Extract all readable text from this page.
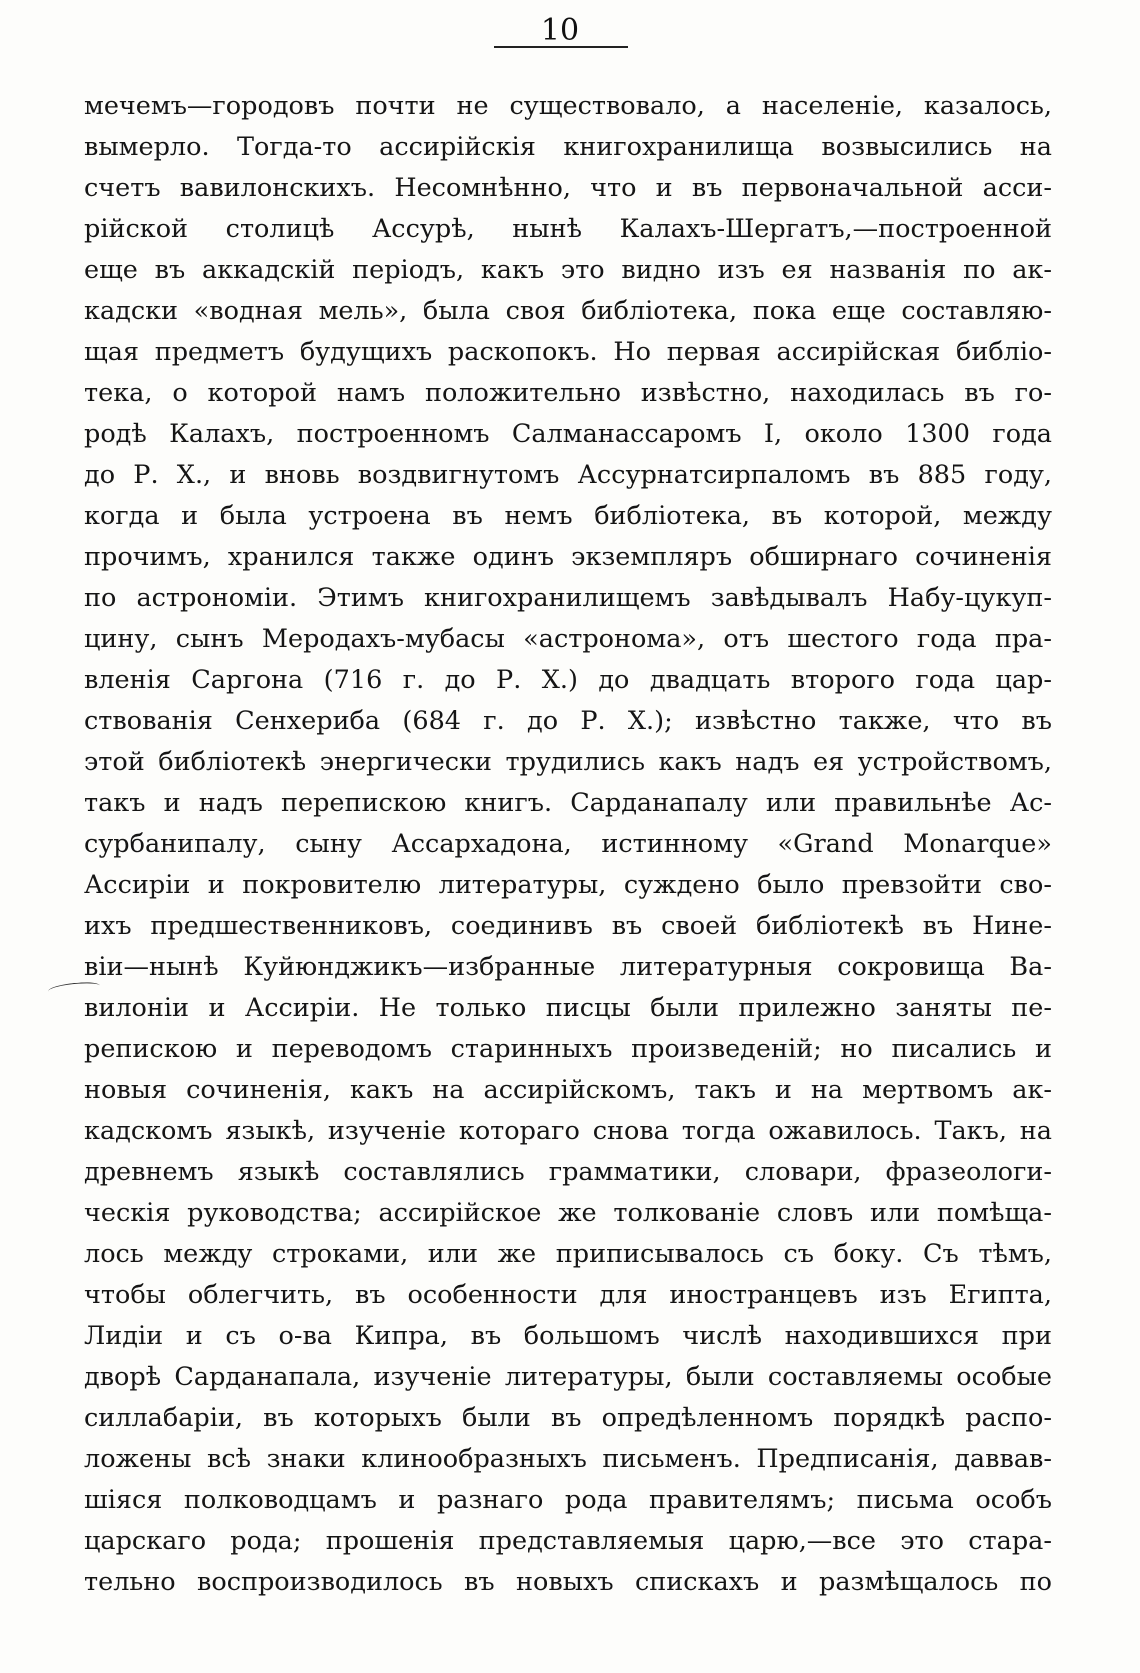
10
мечемъ—городовъ почти не существовало, а населеніе, казалось,
вымерло. Тогда-то ассирійскія книгохранилища возвысились на
счетъ вавилонскихъ. Несомнѣнно, что и въ первоначальной асси-
рійской столицѣ Ассурѣ, нынѣ Калахъ-Шергатъ,—построенной
еще въ аккадскій періодъ, какъ это видно изъ ея названія по ак-
кадски «водная мель», была своя библіотека, пока еще составляю-
щая предметъ будущихъ раскопокъ. Но первая ассирійская библіо-
тека, о которой намъ положительно извѣстно, находилась въ го-
родѣ Калахъ, построенномъ Салманассаромъ I, около 1300 года
до Р. Х., и вновь воздвигнутомъ Ассурнатсирпаломъ въ 885 году,
когда и была устроена въ немъ библіотека, въ которой, между
прочимъ, хранился также одинъ экземпляръ обширнаго сочиненія
по астрономіи. Этимъ книгохранилищемъ завѣдывалъ Набу-цукуп-
цину, сынъ Меродахъ-мубасы «астронома», отъ шестого года пра-
вленія Саргона (716 г. до Р. Х.) до двадцать второго года цар-
ствованія Сенхериба (684 г. до Р. Х.); извѣстно также, что въ
этой библіотекѣ энергически трудились какъ надъ ея устройствомъ,
такъ и надъ перепискою книгъ. Сарданапалу или правильнѣе Ас-
сурбанипалу, сыну Ассархадона, истинному «Grand Monarque»
Ассиріи и покровителю литературы, суждено было превзойти сво-
ихъ предшественниковъ, соединивъ въ своей библіотекѣ въ Нине-
віи—нынѣ Куйюнджикъ—избранные литературныя сокровища Ва-
вилоніи и Ассиріи. Не только писцы были прилежно заняты пе-
репискою и переводомъ старинныхъ произведеній; но писались и
новыя сочиненія, какъ на ассирійскомъ, такъ и на мертвомъ ак-
кадскомъ языкѣ, изученіе котораго снова тогда ожавилось. Такъ, на
древнемъ языкѣ составлялись грамматики, словари, фразеологи-
ческія руководства; ассирійское же толкованіе словъ или помѣща-
лось между строками, или же приписывалось съ боку. Съ тѣмъ,
чтобы облегчить, въ особенности для иностранцевъ изъ Египта,
Лидіи и съ о-ва Кипра, въ большомъ числѣ находившихся при
дворѣ Сарданапала, изученіе литературы, были составляемы особые
силлабаріи, въ которыхъ были въ опредѣленномъ порядкѣ распо-
ложены всѣ знаки клинообразныхъ письменъ. Предписанія, даввав-
шіяся полководцамъ и разнаго рода правителямъ; письма особъ
царскаго рода; прошенія представляемыя царю,—все это стара-
тельно воспроизводилось въ новыхъ спискахъ и размѣщалось по
